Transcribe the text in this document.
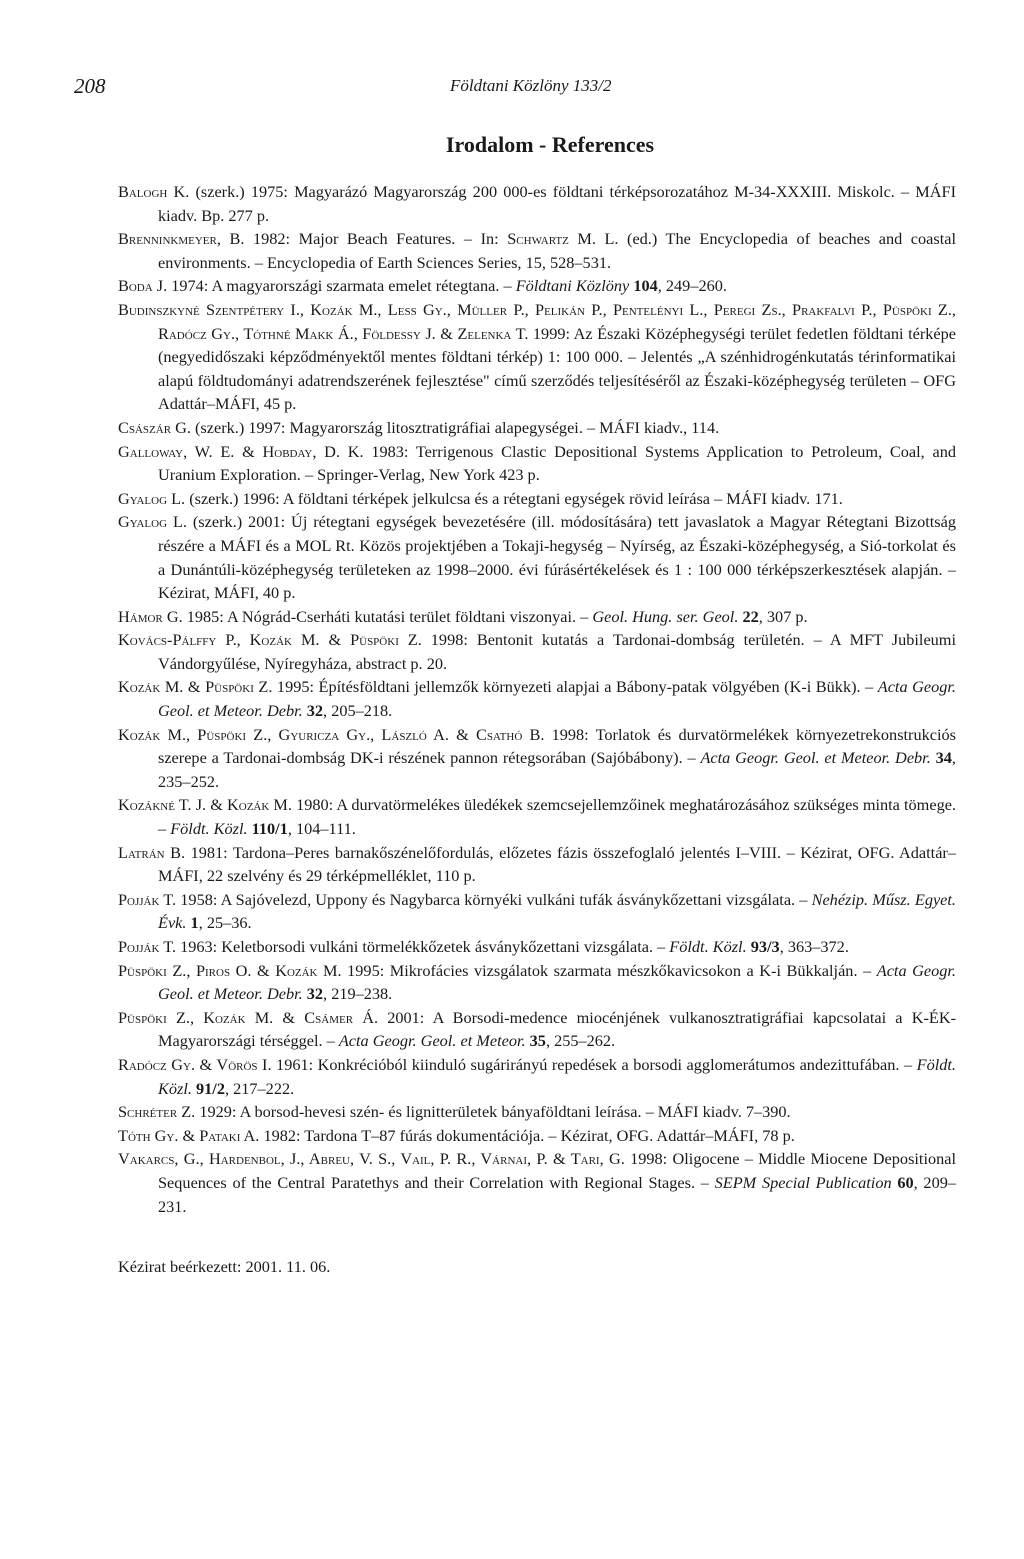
208	Földtani Közlöny 133/2
Irodalom - References

Balogh K. (szerk.) 1975: Magyarázó Magyarország 200 000-es földtani térképsorozatához M-34-XXXIII. Miskolc. – MÁFI kiadv. Bp. 277 p.

Brenninkmeyer, B. 1982: Major Beach Features. – In: Schwartz M. L. (ed.) The Encyclopedia of beaches and coastal environments. – Encyclopedia of Earth Sciences Series, 15, 528–531.

Boda J. 1974: A magyarországi szarmata emelet rétegtana. – Földtani Közlöny 104, 249–260.

Budinszkyné Szentpétery I., Kozák M., Less Gy., Müller P., Pelikán P., Pentelényi L., Peregi Zs., Prakfalvi P., Püspöki Z., Radócz Gy., Tóthné Makk Á., Földessy J. & Zelenka T. 1999: Az Északi Középhegységi terület fedetlen földtani térképe (negyedidőszaki képződményektől mentes földtani térkép) 1: 100 000. – Jelentés „A szénhidrogénkutatás térinformatikai alapú földtudományi adatrendszerének fejlesztése" című szerződés teljesítéséről az Északi-középhegység területen – OFG Adattár–MÁFI, 45 p.

Császár G. (szerk.) 1997: Magyarország litosztratigráfiai alapegységei. – MÁFI kiadv., 114.

Galloway, W. E. & Hobday, D. K. 1983: Terrigenous Clastic Depositional Systems Application to Petroleum, Coal, and Uranium Exploration. – Springer-Verlag, New York 423 p.

Gyalog L. (szerk.) 1996: A földtani térképek jelkulcsa és a rétegtani egységek rövid leírása – MÁFI kiadv. 171.

Gyalog L. (szerk.) 2001: Új rétegtani egységek bevezetésére (ill. módosítására) tett javaslatok a Magyar Rétegtani Bizottság részére a MÁFI és a MOL Rt. Közös projektjében a Tokaji-hegység – Nyírség, az Északi-középhegység, a Sió-torkolat és a Dunántúli-középhegység területeken az 1998–2000. évi fúrásértékelések és 1 : 100 000 térképszerkesztések alapján. – Kézirat, MÁFI, 40 p.

Hámor G. 1985: A Nógrád-Cserháti kutatási terület földtani viszonyai. – Geol. Hung. ser. Geol. 22, 307 p.

Kovács-Pálffy P., Kozák M. & Püspöki Z. 1998: Bentonit kutatás a Tardonai-dombság területén. – A MFT Jubileumi Vándorgyűlése, Nyíregyháza, abstract p. 20.

Kozák M. & Püspöki Z. 1995: Építésföldtani jellemzők környezeti alapjai a Bábony-patak völgyében (K-i Bükk). – Acta Geogr. Geol. et Meteor. Debr. 32, 205–218.

Kozák M., Püspöki Z., Gyuricza Gy., László A. & Csathó B. 1998: Torlatok és durvatörmelékek környezetrekonstrukciós szerepe a Tardonai-dombság DK-i részének pannon rétegsorában (Sajóbábony). – Acta Geogr. Geol. et Meteor. Debr. 34, 235–252.

Kozákné T. J. & Kozák M. 1980: A durvatörmelékes üledékek szemcsejellemzőinek meghatározásához szükséges minta tömege. – Földt. Közl. 110/1, 104–111.

Latrán B. 1981: Tardona–Peres barnakőszénelőfordulás, előzetes fázis összefoglaló jelentés I–VIII. – Kézirat, OFG. Adattár–MÁFI, 22 szelvény és 29 térképmelléklet, 110 p.

Pojják T. 1958: A Sajóvelezd, Uppony és Nagybarca környéki vulkáni tufák ásványkőzettani vizsgálata. – Nehézip. Műsz. Egyet. Évk. 1, 25–36.

Pojják T. 1963: Keletborsodi vulkáni törmelékkőzetek ásványkőzettani vizsgálata. – Földt. Közl. 93/3, 363–372.

Püspöki Z., Piros O. & Kozák M. 1995: Mikrofácies vizsgálatok szarmata mészkőkavicsokon a K-i Bükkalján. – Acta Geogr. Geol. et Meteor. Debr. 32, 219–238.

Püspöki Z., Kozák M. & Csámer Á. 2001: A Borsodi-medence miocénjének vulkanosztratigráfiai kapcsolatai a K-ÉK-Magyarországi térséggel. – Acta Geogr. Geol. et Meteor. 35, 255–262.

Radócz Gy. & Vörös I. 1961: Konkrécióból kiinduló sugárirányú repedések a borsodi agglomerátumos andezittufában. – Földt. Közl. 91/2, 217–222.

Schréter Z. 1929: A borsod-hevesi szén- és lignitterületek bányaföldtani leírása. – MÁFI kiadv. 7–390.

Tóth Gy. & Pataki A. 1982: Tardona T–87 fúrás dokumentációja. – Kézirat, OFG. Adattár–MÁFI, 78 p.

Vakarcs, G., Hardenbol, J., Abreu, V. S., Vail, P. R., Várnai, P. & Tari, G. 1998: Oligocene – Middle Miocene Depositional Sequences of the Central Paratethys and their Correlation with Regional Stages. – SEPM Special Publication 60, 209–231.

Kézirat beérkezett: 2001. 11. 06.
